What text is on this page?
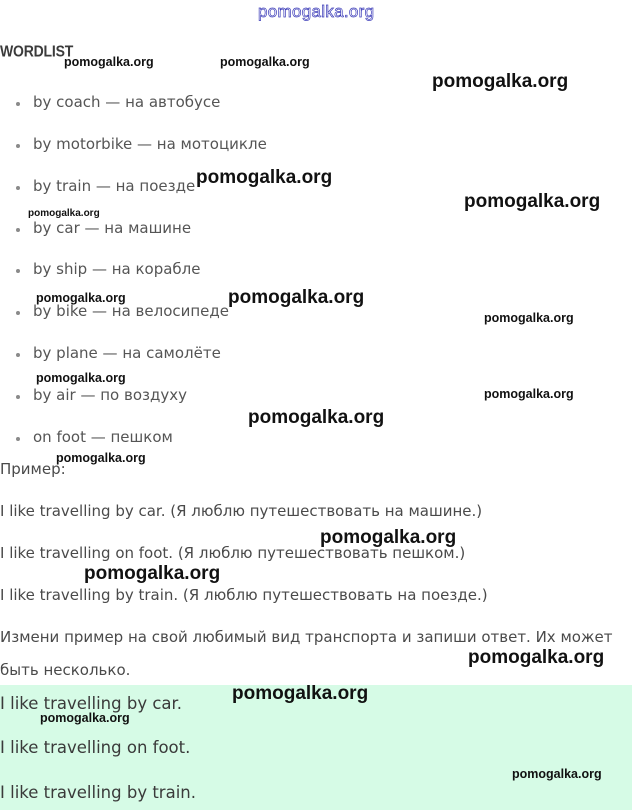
pomogalka.org
WORDLIST
by coach — на автобусе
by motorbike — на мотоцикле
by train — на поезде
by car — на машине
by ship — на корабле
by bike — на велосипеде
by plane — на самолёте
by air — по воздуху
on foot — пешком
Пример:
I like travelling by car. (Я люблю путешествовать на машине.)
I like travelling on foot. (Я люблю путешествовать пешком.)
I like travelling by train. (Я люблю путешествовать на поезде.)
Измени пример на свой любимый вид транспорта и запиши ответ. Их может
быть несколько.
I like travelling by car.
I like travelling on foot.
I like travelling by train.
pomogalka.org	pomogalka.org
pomogalka.org
pomogalka.org
pomogalka.org
pomogalka.org
pomogalka.org	pomogalka.org
pomogalka.org
pomogalka.org
pomogalka.org
pomogalka.org
pomogalka.org
pomogalka.org
pomogalka.org
pomogalka.org
pomogalka.org
pomogalka.org
pomogalka.org
